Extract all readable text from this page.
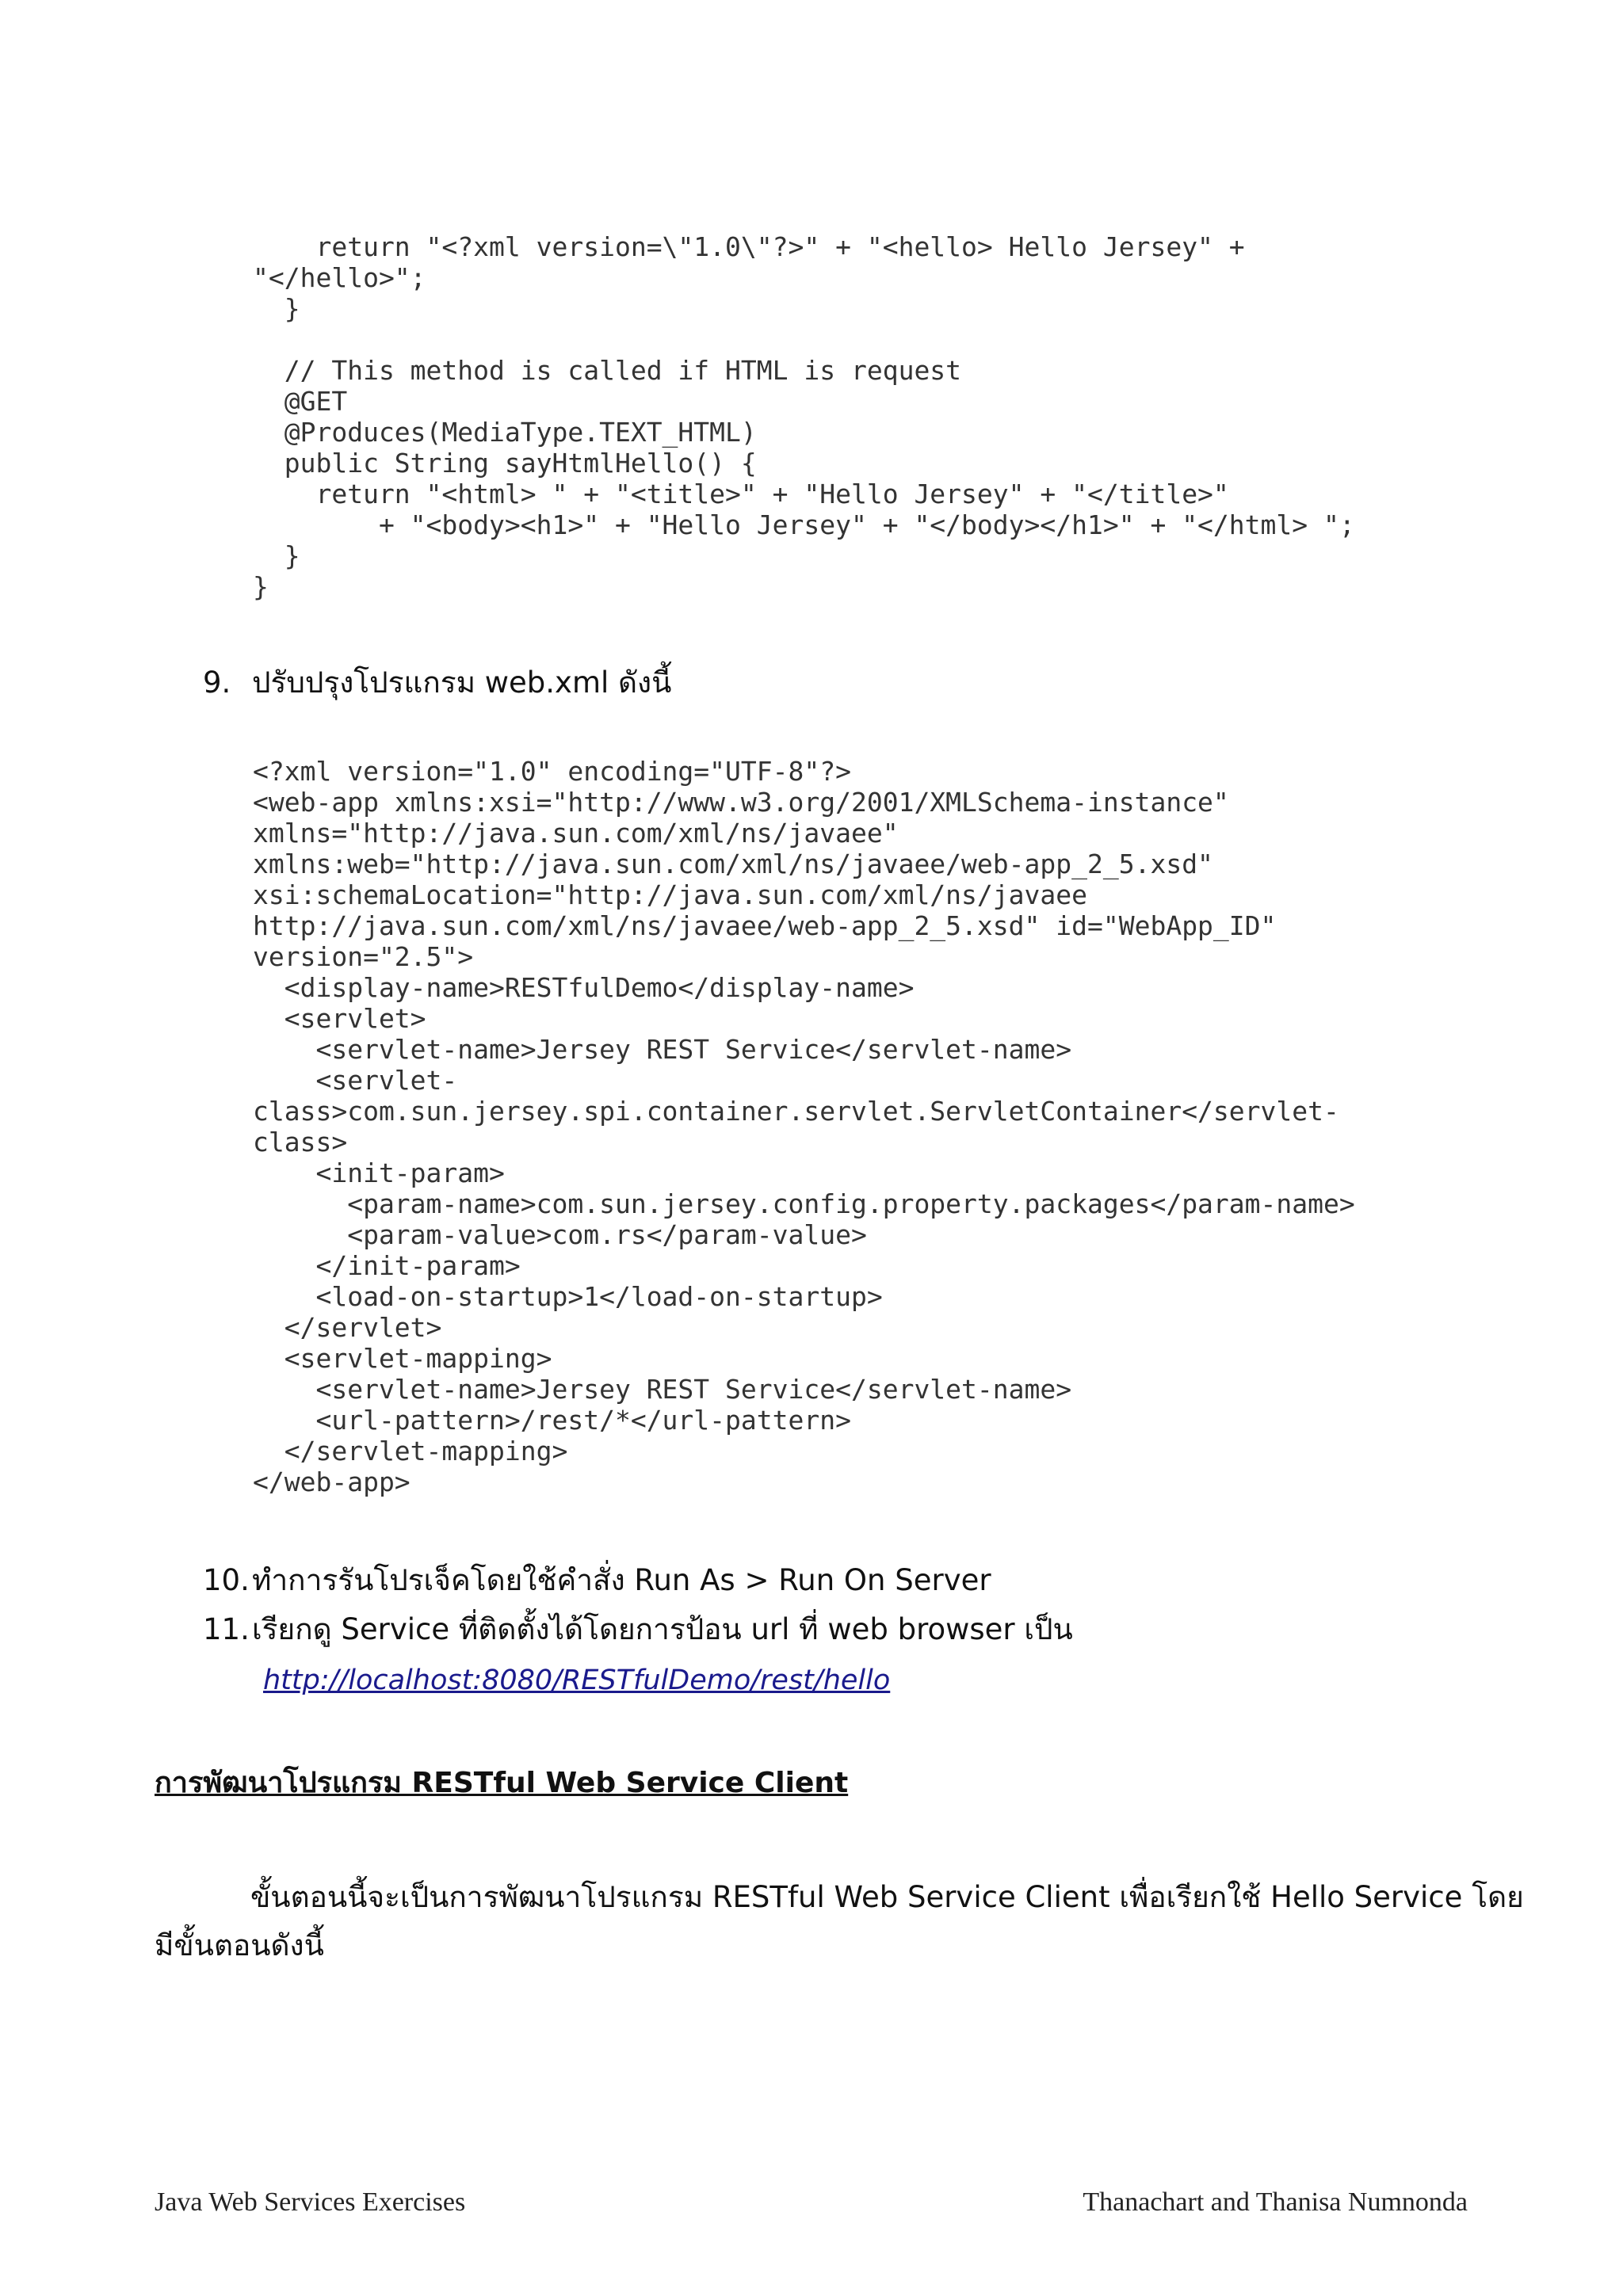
return "<?xml version=\"1.0\"?>" + "<hello> Hello Jersey" +
"</hello>";
}

// This method is called if HTML is request
@GET
@Produces(MediaType.TEXT_HTML)
public String sayHtmlHello() {
return "<html> " + "<title>" + "Hello Jersey" + "</title>"
+ "<body><h1>" + "Hello Jersey" + "</body></h1>" + "</html> ";
}
}
9. ปรับปรุงโปรแกรม web.xml ดังนี้
<?xml version="1.0" encoding="UTF-8"?>
<web-app xmlns:xsi="http://www.w3.org/2001/XMLSchema-instance"
xmlns="http://java.sun.com/xml/ns/javaee"
xmlns:web="http://java.sun.com/xml/ns/javaee/web-app_2_5.xsd"
xsi:schemaLocation="http://java.sun.com/xml/ns/javaee
http://java.sun.com/xml/ns/javaee/web-app_2_5.xsd" id="WebApp_ID"
version="2.5">
<display-name>RESTfulDemo</display-name>
<servlet>
<servlet-name>Jersey REST Service</servlet-name>
<servlet-
class>com.sun.jersey.spi.container.servlet.ServletContainer</servlet-
class>
<init-param>
<param-name>com.sun.jersey.config.property.packages</param-name>
<param-value>com.rs</param-value>
</init-param>
<load-on-startup>1</load-on-startup>
</servlet>
<servlet-mapping>
<servlet-name>Jersey REST Service</servlet-name>
<url-pattern>/rest/*</url-pattern>
</servlet-mapping>
</web-app>
10.ทำการรันโปรเจ็คโดยใช้คำสั่ง Run As > Run On Server
11.เรียกดู Service ที่ติดตั้งได้โดยการป้อน url ที่ web browser เป็น
http://localhost:8080/RESTfulDemo/rest/hello
การพัฒนาโปรแกรม RESTful Web Service Client
ขั้นตอนนี้จะเป็นการพัฒนาโปรแกรม RESTful Web Service Client เพื่อเรียกใช้ Hello Service โดย
มีขั้นตอนดังนี้
Java Web Services Exercises	Thanachart and Thanisa Numnonda
